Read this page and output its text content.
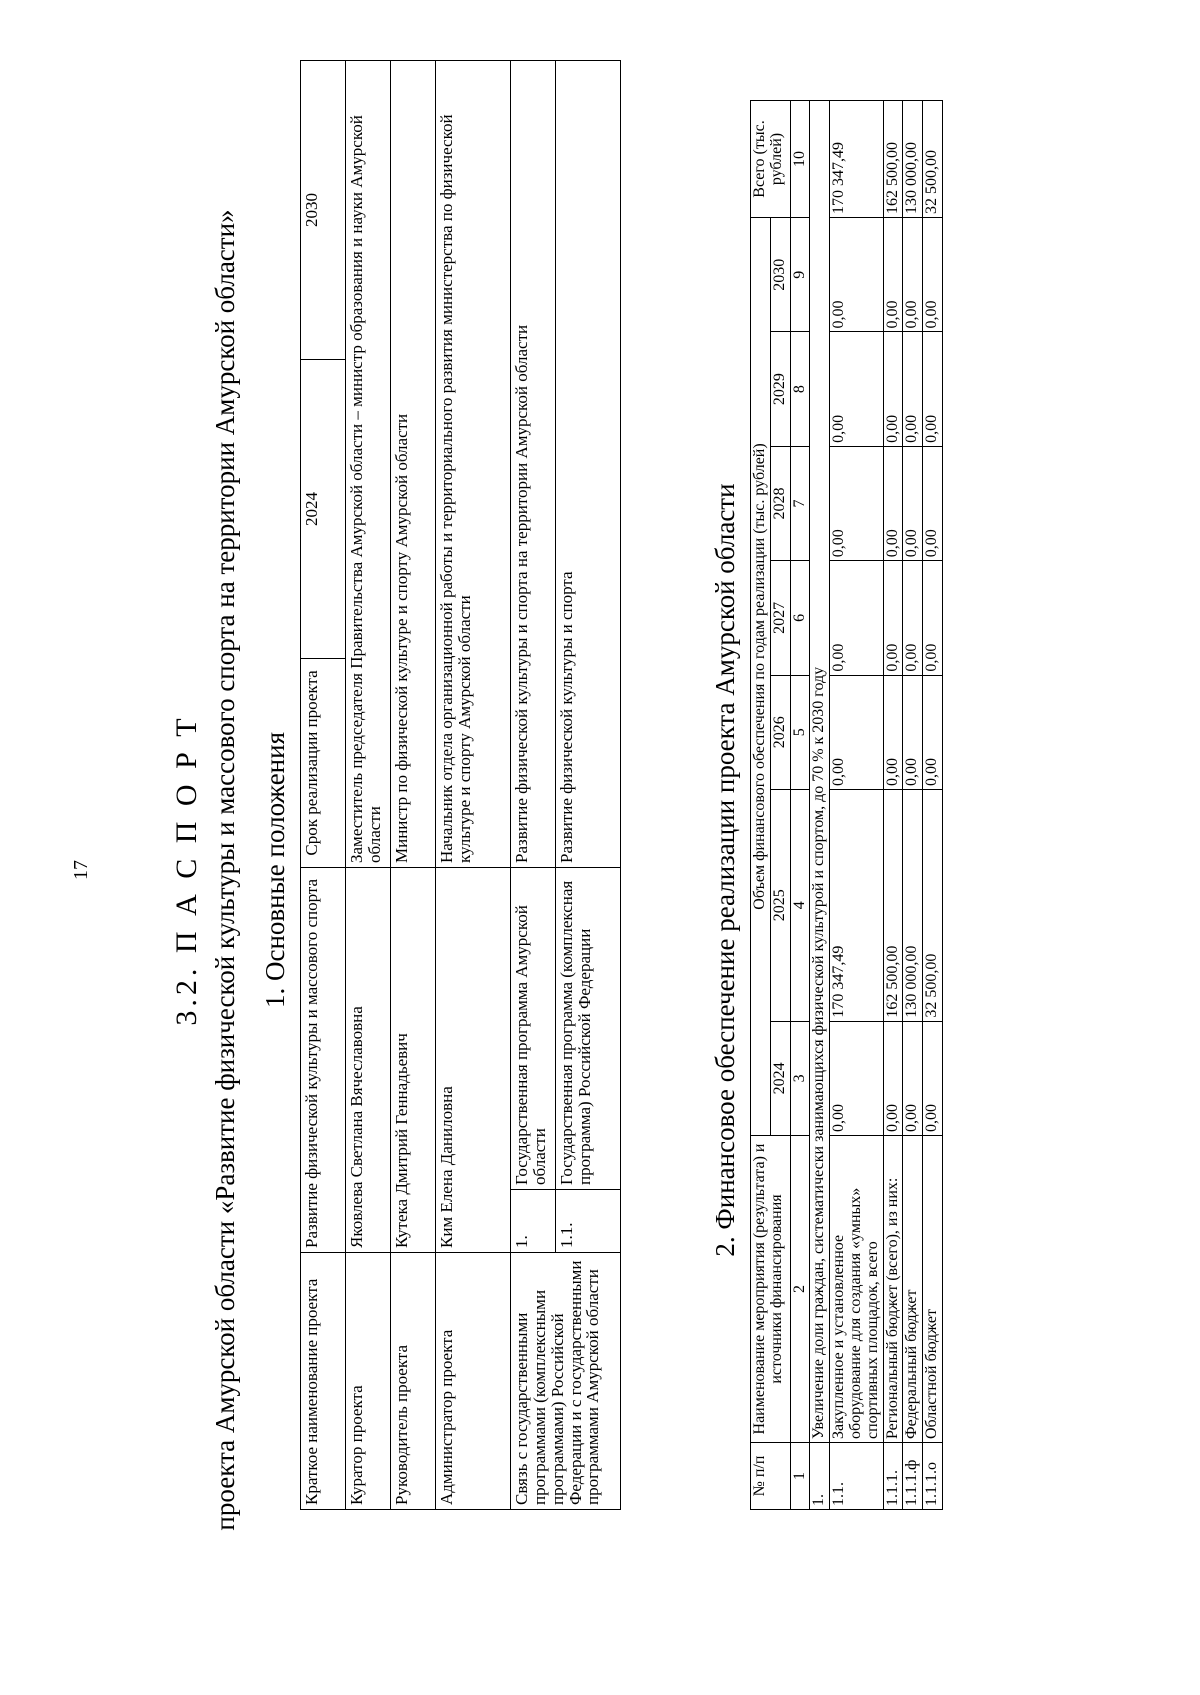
17	3.2. П А С П О Р Т проекта Амурской области «Развитие физической культуры и массового спорта на территории Амурской области» 1. Основные положения
Краткое наименование проекта	Развитие физической культуры и массового спорта		Срок реализации проекта	2024	2030
Куратор проекта	Яковлева Светлана Вячеславовна		Заместитель председателя Правительства Амурской области – министр образования и науки Амурской области		
Руководитель проекта	Кутека Дмитрий Геннадьевич		Министр по физической культуре и спорту Амурской области		
Администратор проекта	Ким Елена Даниловна		Начальник отдела организационной работы и территориального развития министерства по физической культуре и спорту Амурской области		
Связь с государственными программами (комплексными программами) Российской Федерации и с государственными программами Амурской области	1.	Государственная программа Амурской области	Развитие физической культуры и спорта на территории Амурской области		
	1.1.	Государственная программа (комплексная программа) Российской Федерации	Развитие физической культуры и спорта			2. Финансовое обеспечение реализации проекта Амурской области
№ п/п	Наименование мероприятия (результата) и источники финансирования	Объем финансового обеспечения по годам реализации (тыс. рублей)							Всего (тыс. рублей)
		2024	2025	2026	2027	2028	2029	2030	
1	2	3	4	5	6	7	8	9	10
1.	Увеличение доли граждан, систематически занимающихся физической культурой и спортом, до 70 % к 2030 году								
1.1.	Закупленное и установленное оборудование для создания «умных» спортивных площадок, всего	0,00	170 347,49	0,00	0,00	0,00	0,00	0,00	170 347,49
1.1.1.	Региональный бюджет (всего), из них:	0,00	162 500,00	0,00	0,00	0,00	0,00	0,00	162 500,00
1.1.1.ф	Федеральный бюджет	0,00	130 000,00	0,00	0,00	0,00	0,00	0,00	130 000,00
1.1.1.о	Областной бюджет	0,00	32 500,00	0,00	0,00	0,00	0,00	0,00	32 500,00
